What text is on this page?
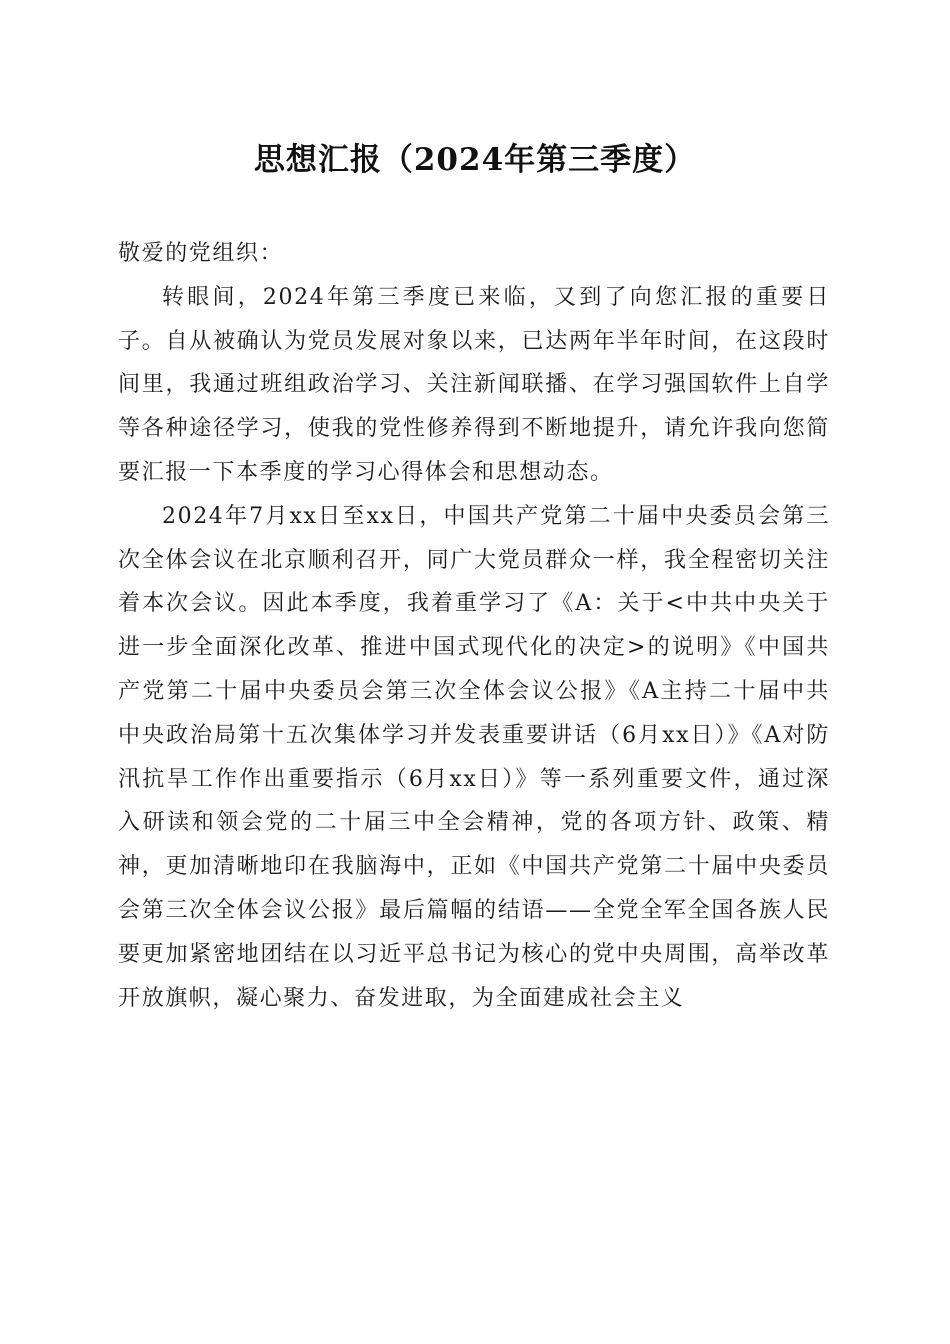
思想汇报（2024年第三季度）

敬爱的党组织：

转眼间，2024年第三季度已来临，又到了向您汇报的重要日子。自从被确认为党员发展对象以来，已达两年半年时间，在这段时间里，我通过班组政治学习、关注新闻联播、在学习强国软件上自学等各种途径学习，使我的党性修养得到不断地提升，请允许我向您简要汇报一下本季度的学习心得体会和思想动态。

2024年7月xx日至xx日，中国共产党第二十届中央委员会第三次全体会议在北京顺利召开，同广大党员群众一样，我全程密切关注着本次会议。因此本季度，我着重学习了《A：关于<中共中央关于进一步全面深化改革、推进中国式现代化的决定>的说明》《中国共产党第二十届中央委员会第三次全体会议公报》《A主持二十届中共中央政治局第十五次集体学习并发表重要讲话（6月xx日）》《A对防汛抗旱工作作出重要指示（6月xx日）》等一系列重要文件，通过深入研读和领会党的二十届三中全会精神，党的各项方针、政策、精神，更加清晰地印在我脑海中，正如《中国共产党第二十届中央委员会第三次全体会议公报》最后篇幅的结语——全党全军全国各族人民要更加紧密地团结在以习近平总书记为核心的党中央周围，高举改革开放旗帜，凝心聚力、奋发进取，为全面建成社会主义
